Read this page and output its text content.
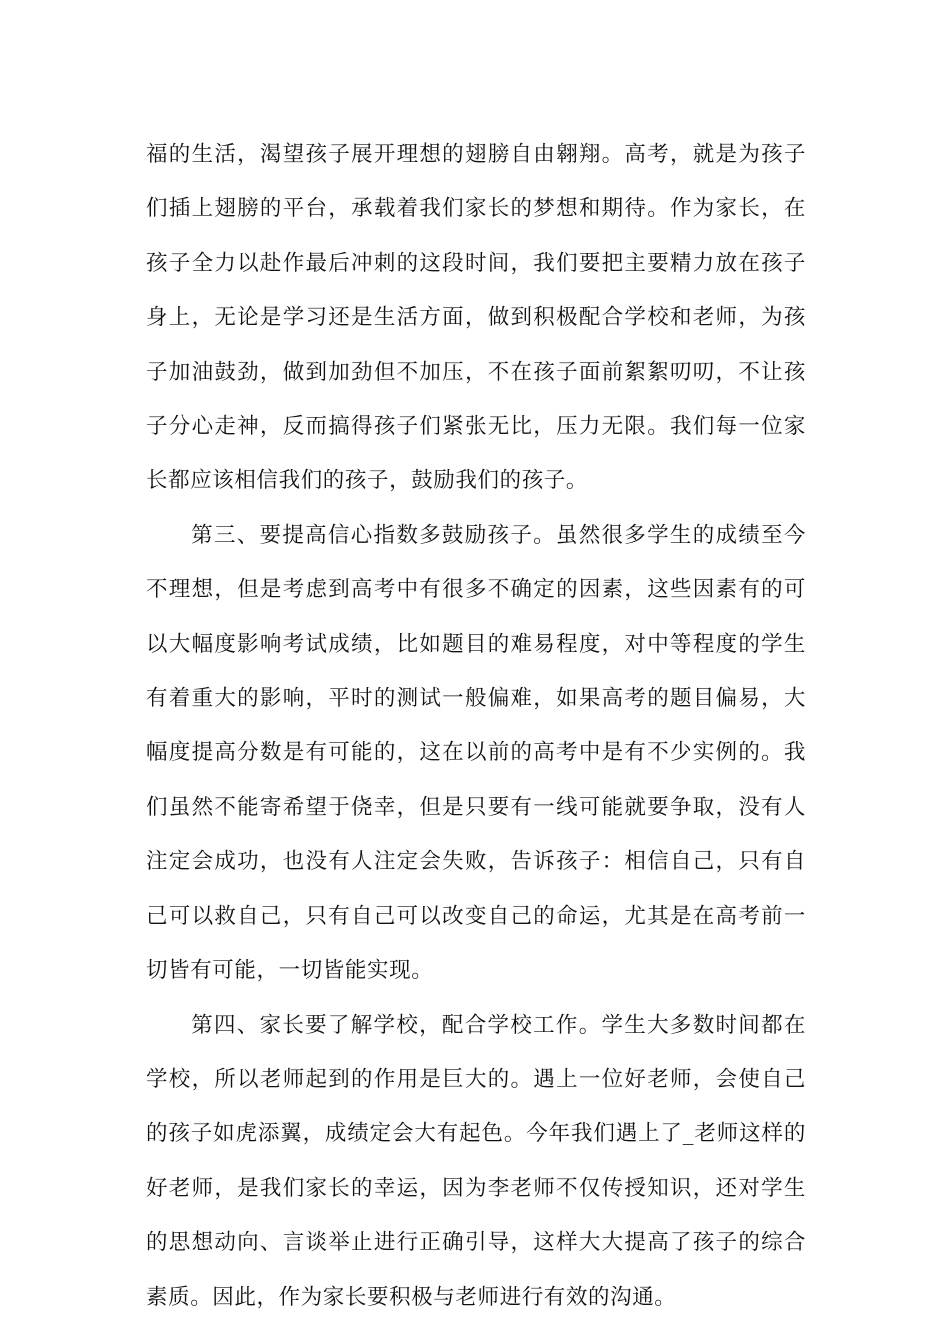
福的生活，渴望孩子展开理想的翅膀自由翱翔。高考，就是为孩子们插上翅膀的平台，承载着我们家长的梦想和期待。作为家长，在孩子全力以赴作最后冲刺的这段时间，我们要把主要精力放在孩子身上，无论是学习还是生活方面，做到积极配合学校和老师，为孩子加油鼓劲，做到加劲但不加压，不在孩子面前絮絮叨叨，不让孩子分心走神，反而搞得孩子们紧张无比，压力无限。我们每一位家长都应该相信我们的孩子，鼓励我们的孩子。

第三、要提高信心指数多鼓励孩子。虽然很多学生的成绩至今不理想，但是考虑到高考中有很多不确定的因素，这些因素有的可以大幅度影响考试成绩，比如题目的难易程度，对中等程度的学生有着重大的影响，平时的测试一般偏难，如果高考的题目偏易，大幅度提高分数是有可能的，这在以前的高考中是有不少实例的。我们虽然不能寄希望于侥幸，但是只要有一线可能就要争取，没有人注定会成功，也没有人注定会失败，告诉孩子：相信自己，只有自己可以救自己，只有自己可以改变自己的命运，尤其是在高考前一切皆有可能，一切皆能实现。

第四、家长要了解学校，配合学校工作。学生大多数时间都在学校，所以老师起到的作用是巨大的。遇上一位好老师，会使自己的孩子如虎添翼，成绩定会大有起色。今年我们遇上了_老师这样的好老师，是我们家长的幸运，因为李老师不仅传授知识，还对学生的思想动向、言谈举止进行正确引导，这样大大提高了孩子的综合素质。因此，作为家长要积极与老师进行有效的沟通。
